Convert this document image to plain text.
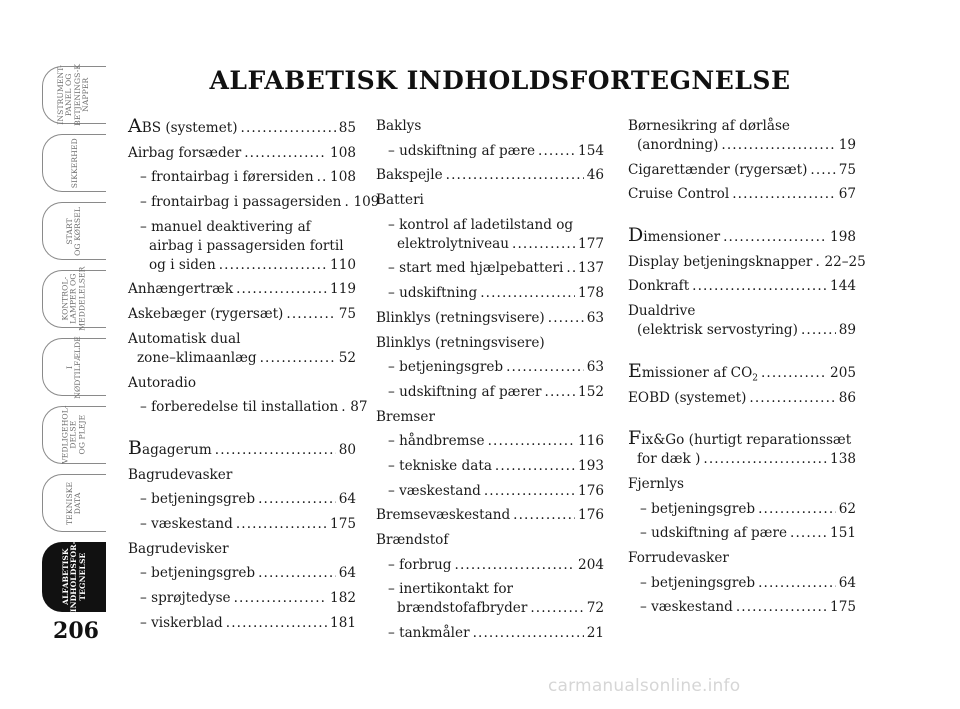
INSTRUMENT-
PANEL OG
BETJENINGS-K
NAPPER
SIKKERHED
START
OG KØRSEL
KONTROL-
LAMPER OG
MEDDELELSER
I
NØDTILFÆLDE
VEDLIGEHOL-
DELSE
OG PLEJE
TEKNISKE
DATA
ALFABETISK
INDHOLDSFOR-
TEGNELSE
206
ALFABETISK INDHOLDSFORTEGNELSE
ABS (systemet) . . .	85
Airbag forsæder . . .	108
– frontairbag i førersiden . . . 108
– frontairbag i passagersiden . . . 109
– manuel deaktivering af
airbag i passagersiden fortil
og i siden . . .	110
Anhængertræk . . .	119
Askebæger (rygersæt) . . .	75
Automatisk dual
zone–klimaanlæg . . .	52
Autoradio
– forberedelse til installation . . . 87
Bagagerum . . .	80
Bagrudevasker
– betjeningsgreb . . .	64
– væskestand . . .	175
Bagrudevisker
– betjeningsgreb . . .	64
– sprøjtedyse . . .	182
– viskerblad . . .	181
Baklys
– udskiftning af pære . . .	154
Bakspejle . . .	46
Batteri
– kontrol af ladetilstand og
elektrolytniveau . . .	177
– start med hjælpebatteri . . . 137
– udskiftning . . .	178
Blinklys (retningsvisere) . . .	63
Blinklys (retningsvisere)
– betjeningsgreb . . .	63
– udskiftning af pærer . . .	152
Bremser
– håndbremse . . .	116
– tekniske data . . .	193
– væskestand . . .	176
Bremsevæskestand . . .	176
Brændstof
– forbrug . . .	204
– inertikontakt for
brændstofafbryder . . .	72
– tankmåler . . .	21
Børnesikring af dørlåse
(anordning) . . .	19
Cigarettænder (rygersæt) . . . 75
Cruise Control . . .	67
Dimensioner . . .	198
Display betjeningsknapper . . . 22–25
Donkraft . . .	144
Dualdrive
(elektrisk servostyring) . . .	89
Emissioner af $CO_2$ . . .	205
EOBD (systemet) . . .	86
Fix&Go (hurtigt reparationssæt
for dæk ) . . .	138
Fjernlys
– betjeningsgreb . . .	62
– udskiftning af pære . . .	151
Forrudevasker
– betjeningsgreb . . .	64
– væskestand . . .	175
carmanualsonline.info
